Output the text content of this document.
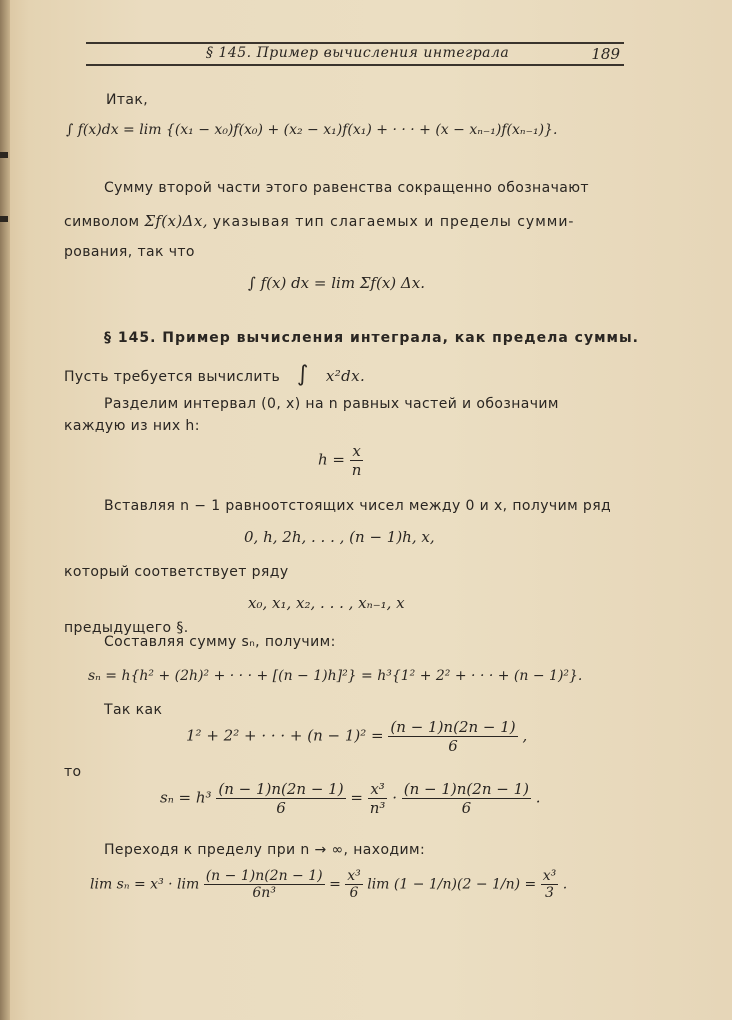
§ 145. Пример вычисления интеграла	189
Итак,
∫ f(x)dx = lim {(x₁ − x₀)f(x₀) + (x₂ − x₁)f(x₁) + · · · + (x − xₙ₋₁)f(xₙ₋₁)}.
Сумму второй части этого равенства сокращенно обозначают
символом Σf(x)Δx, указывая тип слагаемых и пределы сумми-
рования, так что
∫ f(x) dx = lim Σf(x) Δx.
§ 145. Пример вычисления интеграла, как предела суммы.
Пусть требуется вычислить ∫ x²dx.
Разделим интервал (0, x) на n равных частей и обозначим
каждую из них h:
$h = \frac{x}{n}$
Вставляя n − 1 равноотстоящих чисел между 0 и x, получим ряд
0, h, 2h, . . . , (n − 1)h, x,
который соответствует ряду
x₀, x₁, x₂, . . . , xₙ₋₁, x
предыдущего §.
Составляя сумму sₙ, получим:
sₙ = h{h² + (2h)² + · · · + [(n − 1)h]²} = h³{1² + 2² + · · · + (n − 1)²}.
Так как
1² + 2² + · · · + $(n - 1)^2 = \frac{(n - 1)n(2n - 1)}{6}$ ,
то
$s_n = h^3 \frac{(n - 1)n(2n - 1)}{6} = \frac{\text{x³}}{\text{n³}} \cdot \frac{(n - 1)n(2n - 1)}{6}$ .
Переходя к пределу при n → ∞, находим:
$\lim s_n = x^3 \cdot \lim \frac{(n - 1)n(2n - 1)}{\text{6n³}} = \frac{\text{x³}}{6}$ $\lim (1 - 1/n)(2 - 1/n) = \frac{\text{x³}}{3}$ .
